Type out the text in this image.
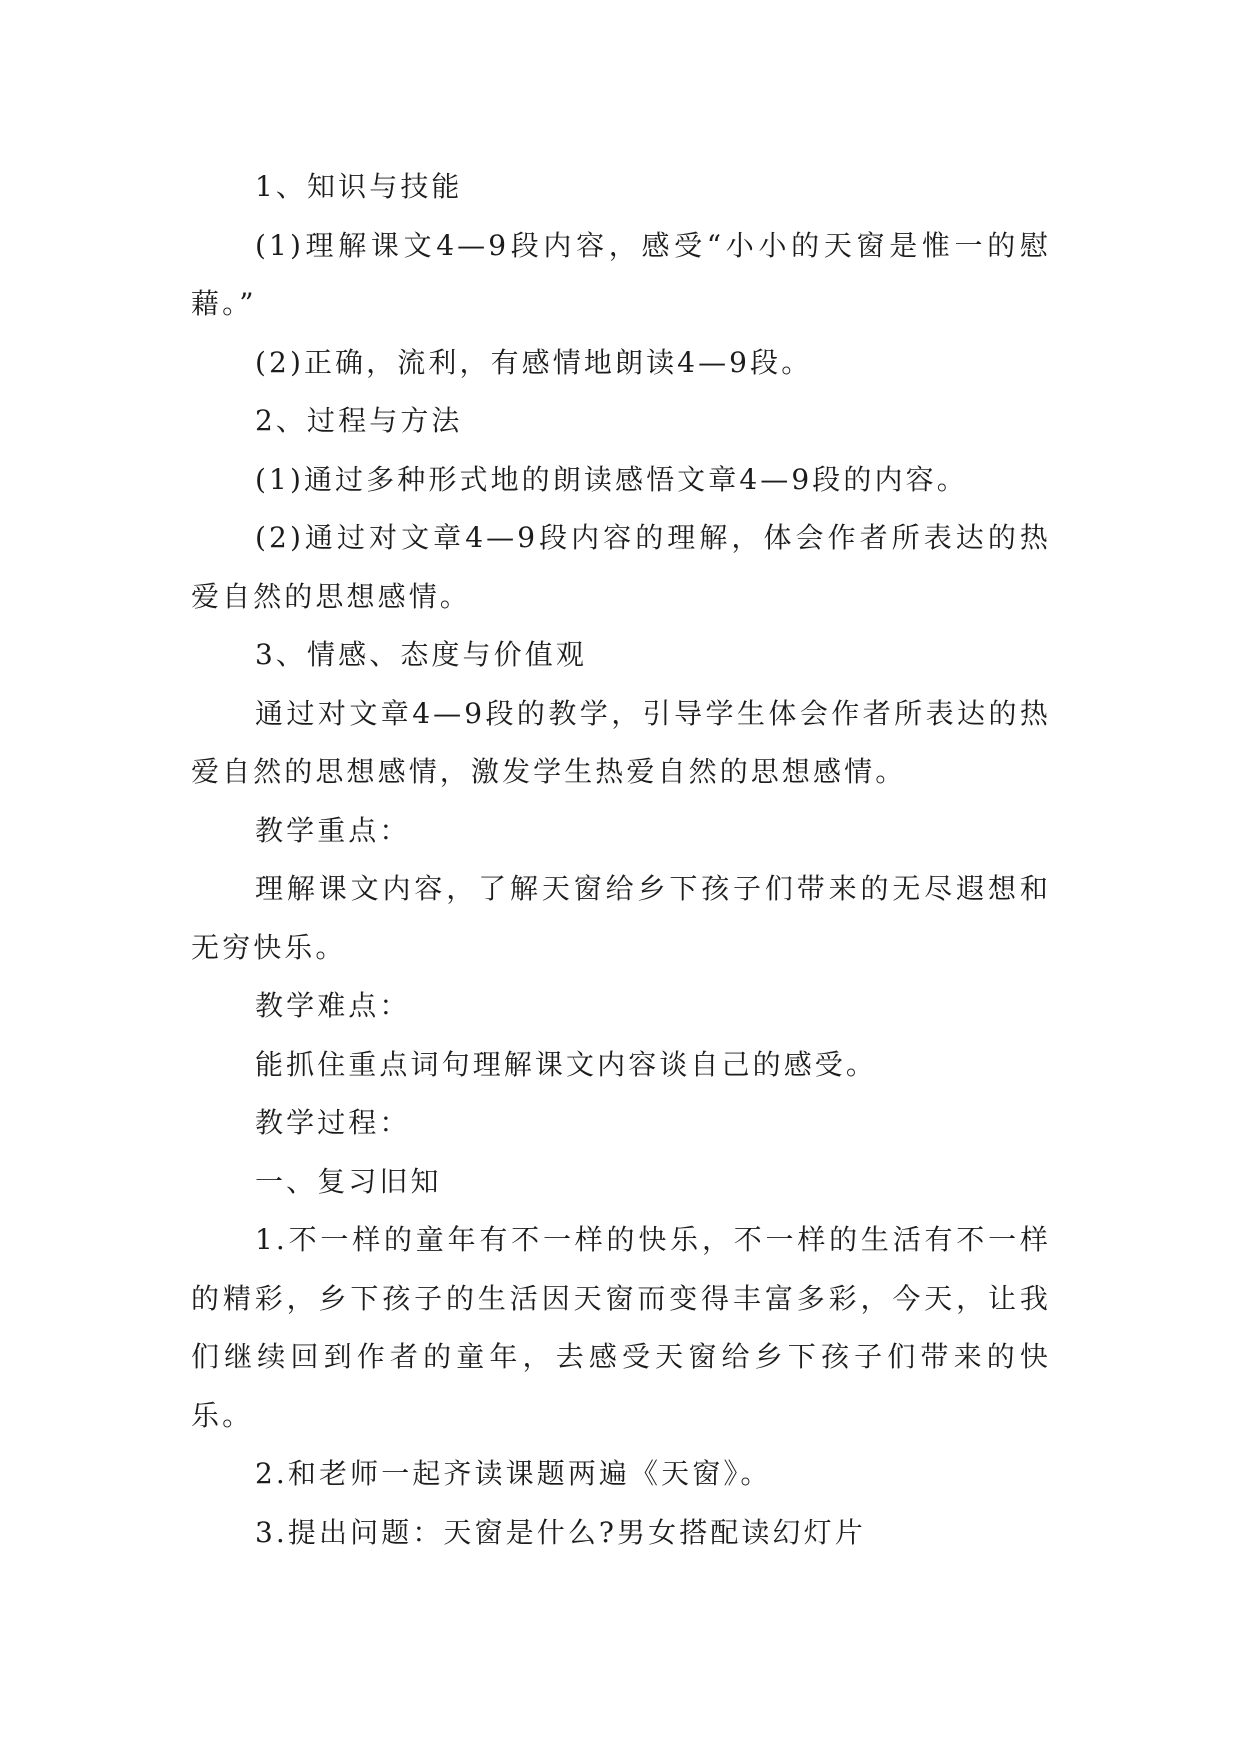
1、知识与技能

(1)理解课文4—9段内容，感受“小小的天窗是惟一的慰藉。”

(2)正确，流利，有感情地朗读4—9段。

2、过程与方法

(1)通过多种形式地的朗读感悟文章4—9段的内容。

(2)通过对文章4—9段内容的理解，体会作者所表达的热爱自然的思想感情。

3、情感、态度与价值观

通过对文章4—9段的教学，引导学生体会作者所表达的热爱自然的思想感情，激发学生热爱自然的思想感情。

教学重点：

理解课文内容，了解天窗给乡下孩子们带来的无尽遐想和无穷快乐。

教学难点：

能抓住重点词句理解课文内容谈自己的感受。

教学过程：

一、复习旧知

1.不一样的童年有不一样的快乐，不一样的生活有不一样的精彩，乡下孩子的生活因天窗而变得丰富多彩，今天，让我们继续回到作者的童年，去感受天窗给乡下孩子们带来的快乐。

2.和老师一起齐读课题两遍《天窗》。

3.提出问题：天窗是什么?男女搭配读幻灯片
